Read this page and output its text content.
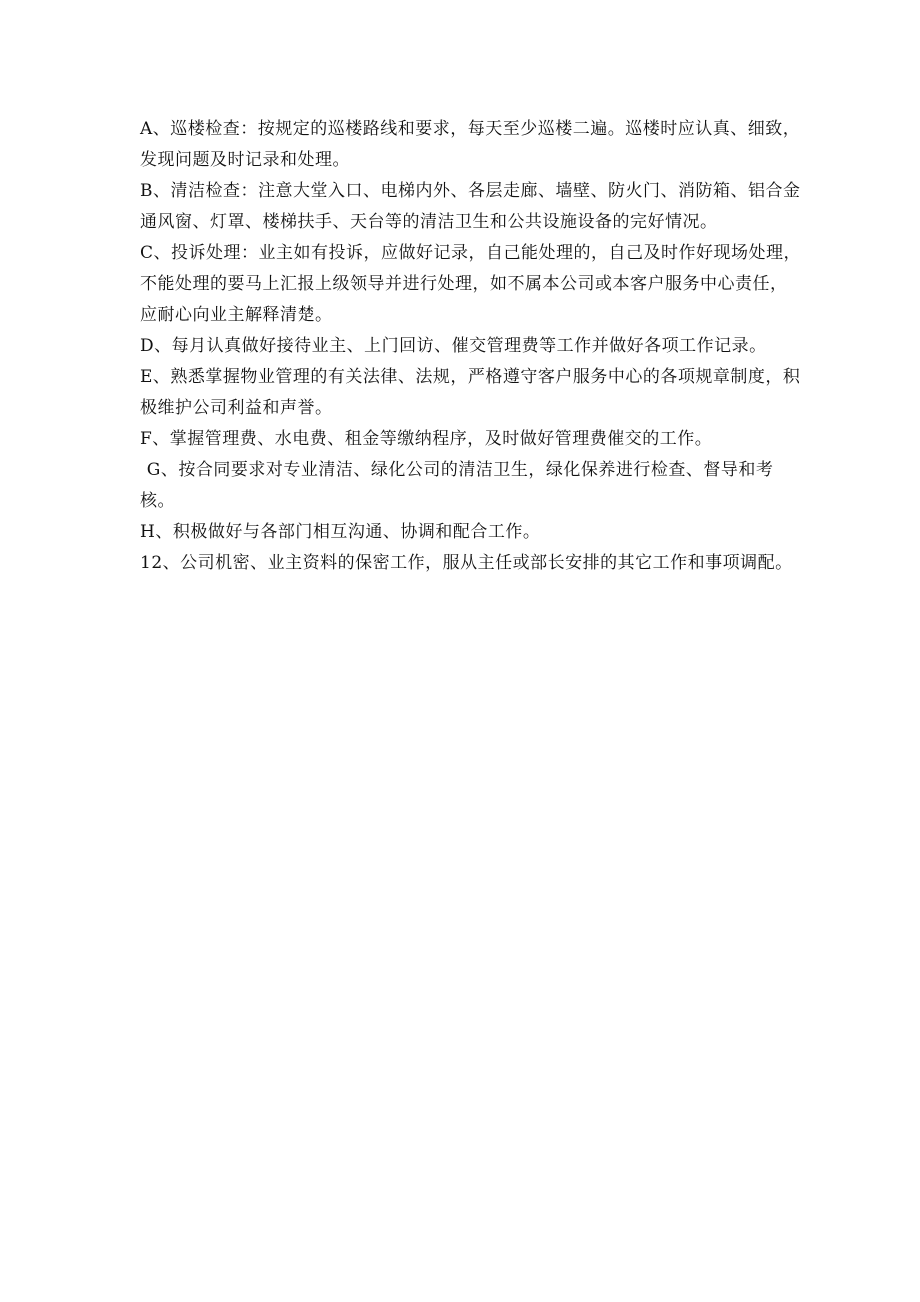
A、巡楼检查：按规定的巡楼路线和要求，每天至少巡楼二遍。巡楼时应认真、细致，发现问题及时记录和处理。

B、清洁检查：注意大堂入口、电梯内外、各层走廊、墙壁、防火门、消防箱、铝合金通风窗、灯罩、楼梯扶手、天台等的清洁卫生和公共设施设备的完好情况。

C、投诉处理：业主如有投诉，应做好记录，自己能处理的，自己及时作好现场处理，不能处理的要马上汇报上级领导并进行处理，如不属本公司或本客户服务中心责任，应耐心向业主解释清楚。

D、每月认真做好接待业主、上门回访、催交管理费等工作并做好各项工作记录。

E、熟悉掌握物业管理的有关法律、法规，严格遵守客户服务中心的各项规章制度，积极维护公司利益和声誉。

F、掌握管理费、水电费、租金等缴纳程序，及时做好管理费催交的工作。

G、按合同要求对专业清洁、绿化公司的清洁卫生，绿化保养进行检查、督导和考核。

H、积极做好与各部门相互沟通、协调和配合工作。

12、公司机密、业主资料的保密工作，服从主任或部长安排的其它工作和事项调配。
